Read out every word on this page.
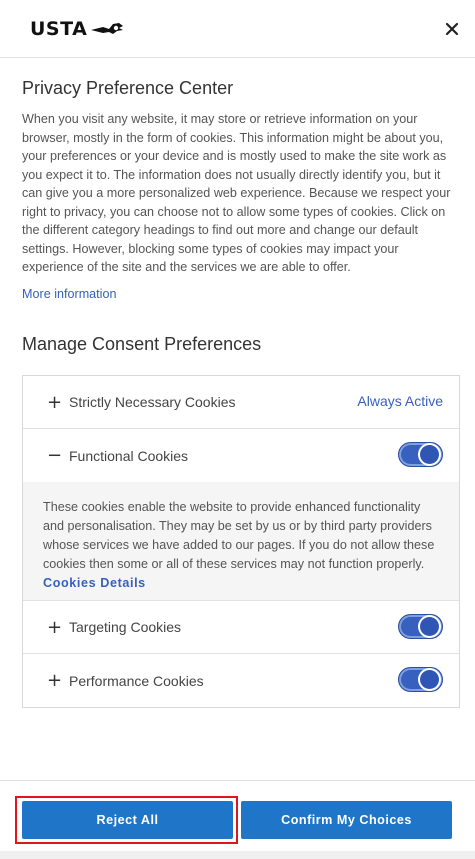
USTA
Privacy Preference Center

When you visit any website, it may store or retrieve information on your browser, mostly in the form of cookies. This information might be about you, your preferences or your device and is mostly used to make the site work as you expect it to. The information does not usually directly identify you, but it can give you a more personalized web experience. Because we respect your right to privacy, you can choose not to allow some types of cookies. Click on the different category headings to find out more and change our default settings. However, blocking some types of cookies may impact your experience of the site and the services we are able to offer.

More information
Manage Consent Preferences
+ Strictly Necessary Cookies	Always Active
− Functional Cookies

These cookies enable the website to provide enhanced functionality and personalisation. They may be set by us or by third party providers whose services we have added to our pages. If you do not allow these cookies then some or all of these services may not function properly.

Cookies Details
+ Targeting Cookies
+ Performance Cookies
Reject All	Confirm My Choices
